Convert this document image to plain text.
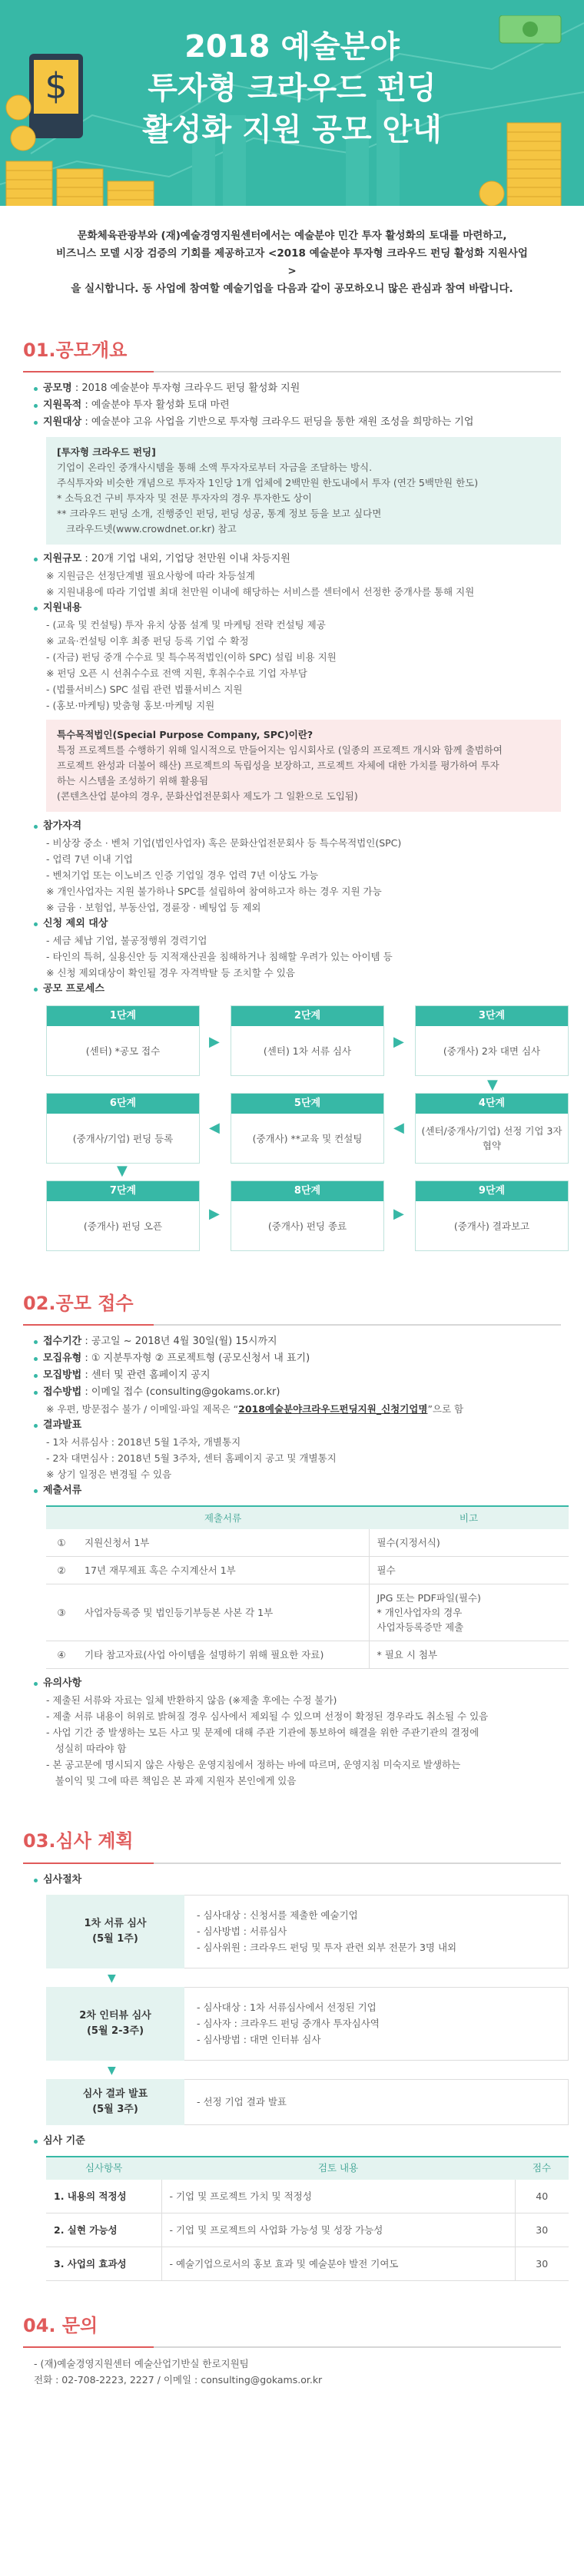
$
2018 예술분야
투자형 크라우드 펀딩
활성화 지원 공모 안내
문화체육관광부와 (재)예술경영지원센터에서는 예술분야 민간 투자 활성화의 토대를 마련하고,
비즈니스 모델 시장 검증의 기회를 제공하고자 <2018 예술분야 투자형 크라우드 펀딩 활성화 지원사업>
을 실시합니다. 동 사업에 참여할 예술기업을 다음과 같이 공모하오니 많은 관심과 참여 바랍니다.
01.공모개요
공모명 : 2018 예술분야 투자형 크라우드 펀딩 활성화 지원
지원목적 : 예술분야 투자 활성화 토대 마련
지원대상 : 예술분야 고유 사업을 기반으로 투자형 크라우드 펀딩을 통한 재원 조성을 희망하는 기업
[투자형 크라우드 펀딩]
기업이 온라인 중개사시템을 통해 소액 투자자로부터 자금을 조달하는 방식.
주식투자와 비슷한 개념으로 투자자 1인당 1개 업체에 2백만원 한도내에서 투자 (연간 5백만원 한도)
* 소득요건 구비 투자자 및 전문 투자자의 경우 투자한도 상이
** 크라우드 펀딩 소개, 진행중인 펀딩, 펀딩 성공, 통계 정보 등을 보고 싶다면
크라우드넷(www.crowdnet.or.kr) 참고
지원규모 : 20개 기업 내외, 기업당 천만원 이내 차등지원
※ 지원금은 선정단계별 필요사항에 따라 차등설계
※ 지원내용에 따라 기업별 최대 천만원 이내에 해당하는 서비스를 센터에서 선정한 중개사를 통해 지원
지원내용
- (교육 및 컨설팅) 투자 유치 상품 설계 및 마케팅 전략 컨설팅 제공
※ 교육·컨설팅 이후 최종 펀딩 등록 기업 수 확정
- (자금) 펀딩 중개 수수료 및 특수목적법인(이하 SPC) 설립 비용 지원
※ 펀딩 오픈 시 선취수수료 전액 지원, 후취수수료 기업 자부담
- (법률서비스) SPC 설립 관련 법률서비스 지원
- (홍보·마케팅) 맞춤형 홍보·마케팅 지원
특수목적법인(Special Purpose Company, SPC)이란?
특정 프로젝트를 수행하기 위해 일시적으로 만들어지는 임시회사로 (일종의 프로젝트 개시와 함께 출범하여
프로젝트 완성과 더불어 해산) 프로젝트의 독립성을 보장하고, 프로젝트 자체에 대한 가치를 평가하여 투자
하는 시스템을 조성하기 위해 활용됨
(콘텐츠산업 분야의 경우, 문화산업전문회사 제도가 그 일환으로 도입됨)
참가자격
- 비상장 중소 · 벤처 기업(법인사업자) 혹은 문화산업전문회사 등 특수목적법인(SPC)
- 업력 7년 이내 기업
- 벤처기업 또는 이노비즈 인증 기업일 경우 업력 7년 이상도 가능
※ 개인사업자는 지원 불가하나 SPC를 설립하여 참여하고자 하는 경우 지원 가능
※ 금융 · 보험업, 부동산업, 경륜장 · 베팅업 등 제외
신청 제외 대상
- 세금 체납 기업, 불공정행위 경력기업
- 타인의 특허, 실용신안 등 지적재산권을 침해하거나 침해할 우려가 있는 아이템 등
※ 신청 제외대상이 확인될 경우 자격박탈 등 조치할 수 있음
공모 프로세스
1단계
(센터) *공모 접수
2단계
(센터) 1차 서류 심사
3단계
(중개사) 2차 대면 심사
6단계
(중개사/기업) 펀딩 등록
5단계
(중개사) **교육 및 컨설팅
4단계
(센터/중개사/기업) 선정 기업 3자 협약
7단계
(중개사) 펀딩 오픈
8단계
(중개사) 펀딩 종료
9단계
(중개사) 결과보고
▶	▶
▼
◀
◀
▼
▶	▶
02.공모 접수
접수기간 : 공고일 ~ 2018년 4월 30일(월) 15시까지
모집유형 : ① 지분투자형 ② 프로젝트형 (공모신청서 내 표기)
모집방법 : 센터 및 관련 홈페이지 공지
접수방법 : 이메일 접수 (consulting@gokams.or.kr)
※ 우편, 방문접수 불가 / 이메일·파일 제목은 “2018예술분야크라우드펀딩지원_신청기업명”으로 함
결과발표
- 1차 서류심사 : 2018년 5월 1주차, 개별통지
- 2차 대면심사 : 2018년 5월 3주차, 센터 홈페이지 공고 및 개별통지
※ 상기 일정은 변경될 수 있음
제출서류
	제출서류	비고
①	지원신청서 1부	필수(지정서식)
②	17년 재무제표 혹은 수지계산서 1부	필수
③	사업자등록증 및 법인등기부등본 사본 각 1부	JPG 또는 PDF파일(필수)
* 개인사업자의 경우
사업자등록증만 제출
④	기타 참고자료(사업 아이템을 설명하기 위해 필요한 자료)	* 필요 시 첨부
유의사항
- 제출된 서류와 자료는 일체 반환하지 않음 (※제출 후에는 수정 불가)
- 제출 서류 내용이 허위로 밝혀질 경우 심사에서 제외될 수 있으며 선정이 확정된 경우라도 취소될 수 있음
- 사업 기간 중 발생하는 모든 사고 및 문제에 대해 주관 기관에 통보하여 해결을 위한 주관기관의 결정에
성실히 따라야 함
- 본 공고문에 명시되지 않은 사항은 운영지침에서 정하는 바에 따르며, 운영지침 미숙지로 발생하는
불이익 및 그에 따른 책임은 본 과제 지원자 본인에게 있음
03.심사 계획
심사절차
1차 서류 심사
(5월 1주)
- 심사대상 : 신청서를 제출한 예술기업
- 심사방법 : 서류심사
- 심사위원 : 크라우드 펀딩 및 투자 관련 외부 전문가 3명 내외
▼
2차 인터뷰 심사
(5월 2-3주)
- 심사대상 : 1차 서류심사에서 선정된 기업
- 심사자 : 크라우드 펀딩 중개사 투자심사역
- 심사방법 : 대면 인터뷰 심사
▼
심사 결과 발표
(5월 3주)
- 선정 기업 결과 발표
심사 기준
심사항목	검토 내용	점수
1. 내용의 적정성	- 기업 및 프로젝트 가치 및 적정성	40
2. 실현 가능성	- 기업 및 프로젝트의 사업화 가능성 및 성장 가능성	30
3. 사업의 효과성	- 예술기업으로서의 홍보 효과 및 예술분야 발전 기여도	30
04. 문의
- (재)예술경영지원센터 예술산업기반실 한로지원팀
전화 : 02-708-2223, 2227 / 이메일 : consulting@gokams.or.kr
